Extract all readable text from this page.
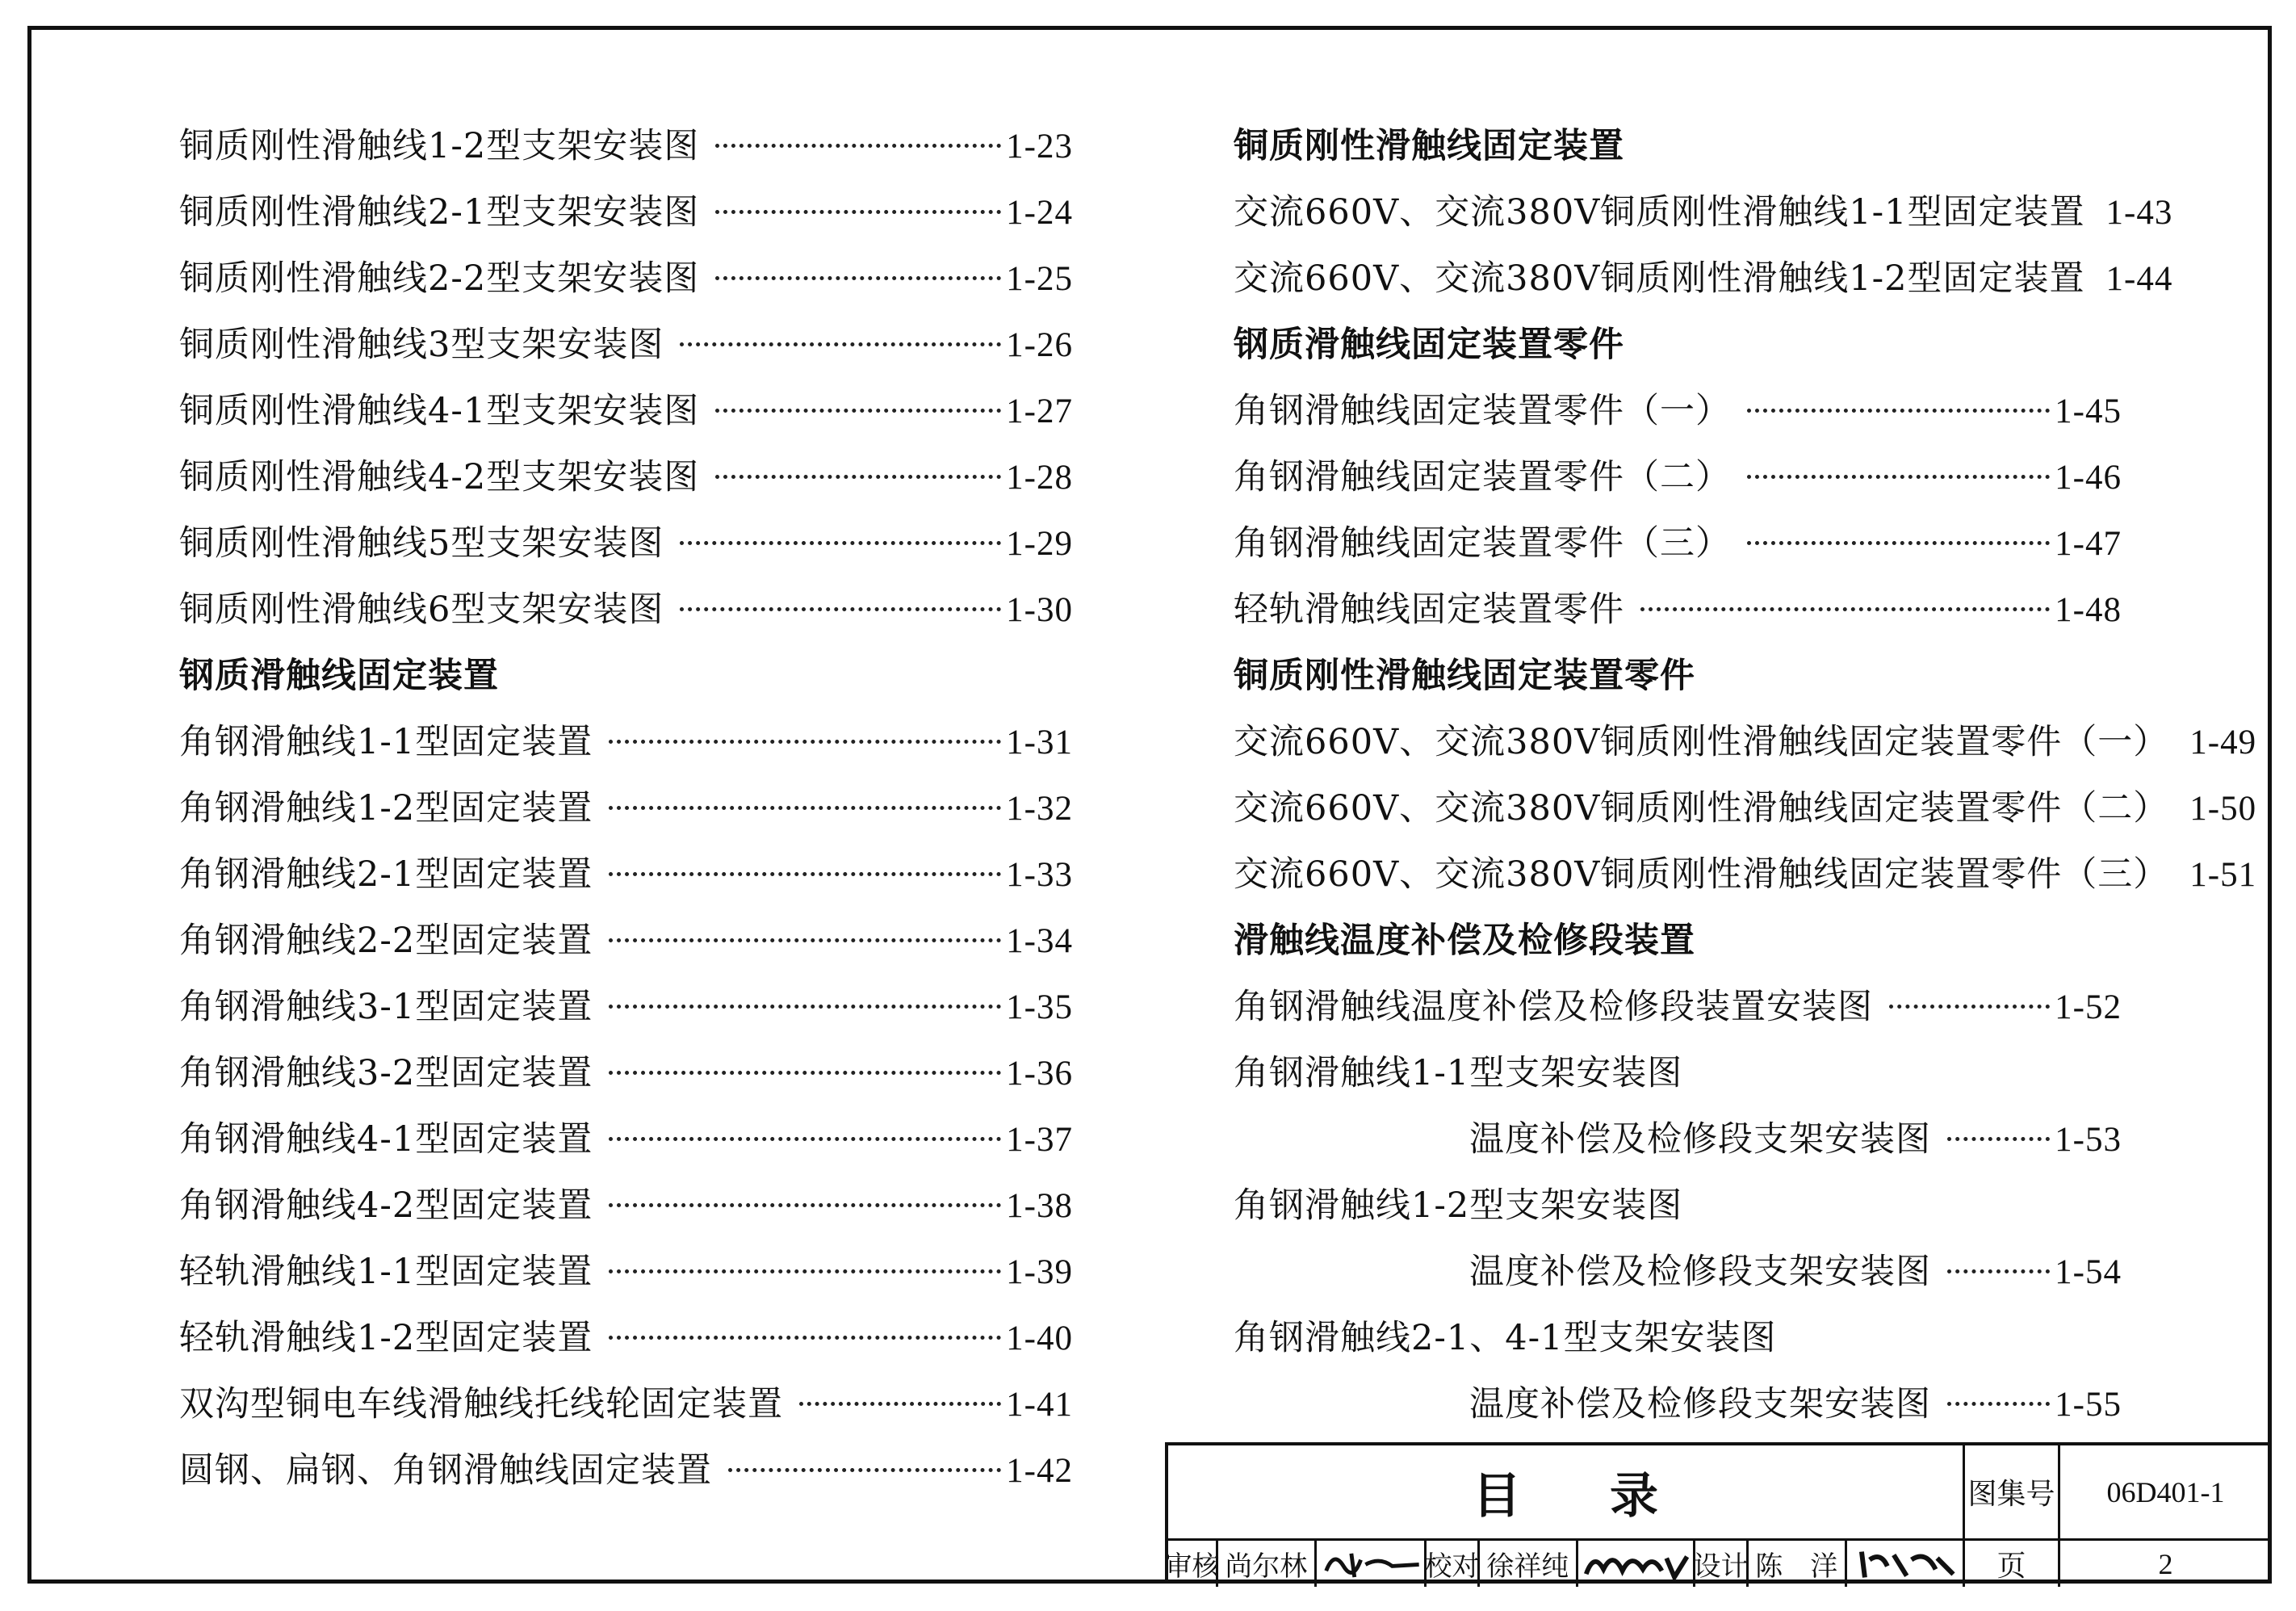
铜质刚性滑触线1-2型支架安装图	1-23
铜质刚性滑触线2-1型支架安装图	1-24
铜质刚性滑触线2-2型支架安装图	1-25
铜质刚性滑触线3型支架安装图	1-26
铜质刚性滑触线4-1型支架安装图	1-27
铜质刚性滑触线4-2型支架安装图	1-28
铜质刚性滑触线5型支架安装图	1-29
铜质刚性滑触线6型支架安装图	1-30
钢质滑触线固定装置
角钢滑触线1-1型固定装置	1-31
角钢滑触线1-2型固定装置	1-32
角钢滑触线2-1型固定装置	1-33
角钢滑触线2-2型固定装置	1-34
角钢滑触线3-1型固定装置	1-35
角钢滑触线3-2型固定装置	1-36
角钢滑触线4-1型固定装置	1-37
角钢滑触线4-2型固定装置	1-38
轻轨滑触线1-1型固定装置	1-39
轻轨滑触线1-2型固定装置	1-40
双沟型铜电车线滑触线托线轮固定装置	1-41
圆钢、扁钢、角钢滑触线固定装置	1-42
铜质刚性滑触线固定装置
交流660V、交流380V铜质刚性滑触线1-1型固定装置 1-43
交流660V、交流380V铜质刚性滑触线1-2型固定装置 1-44
钢质滑触线固定装置零件
角钢滑触线固定装置零件（一）	1-45
角钢滑触线固定装置零件（二）	1-46
角钢滑触线固定装置零件（三）	1-47
轻轨滑触线固定装置零件	1-48
铜质刚性滑触线固定装置零件
交流660V、交流380V铜质刚性滑触线固定装置零件（一） 1-49
交流660V、交流380V铜质刚性滑触线固定装置零件（二） 1-50
交流660V、交流380V铜质刚性滑触线固定装置零件（三） 1-51
滑触线温度补偿及检修段装置
角钢滑触线温度补偿及检修段装置安装图	1-52
角钢滑触线1-1型支架安装图
温度补偿及检修段支架安装图	1-53
角钢滑触线1-2型支架安装图
温度补偿及检修段支架安装图	1-54
角钢滑触线2-1、4-1型支架安装图
温度补偿及检修段支架安装图	1-55
目录	图集号	06D401-1
页	2
审核 尚尔林	校对 徐祥纯	设计 陈　洋
